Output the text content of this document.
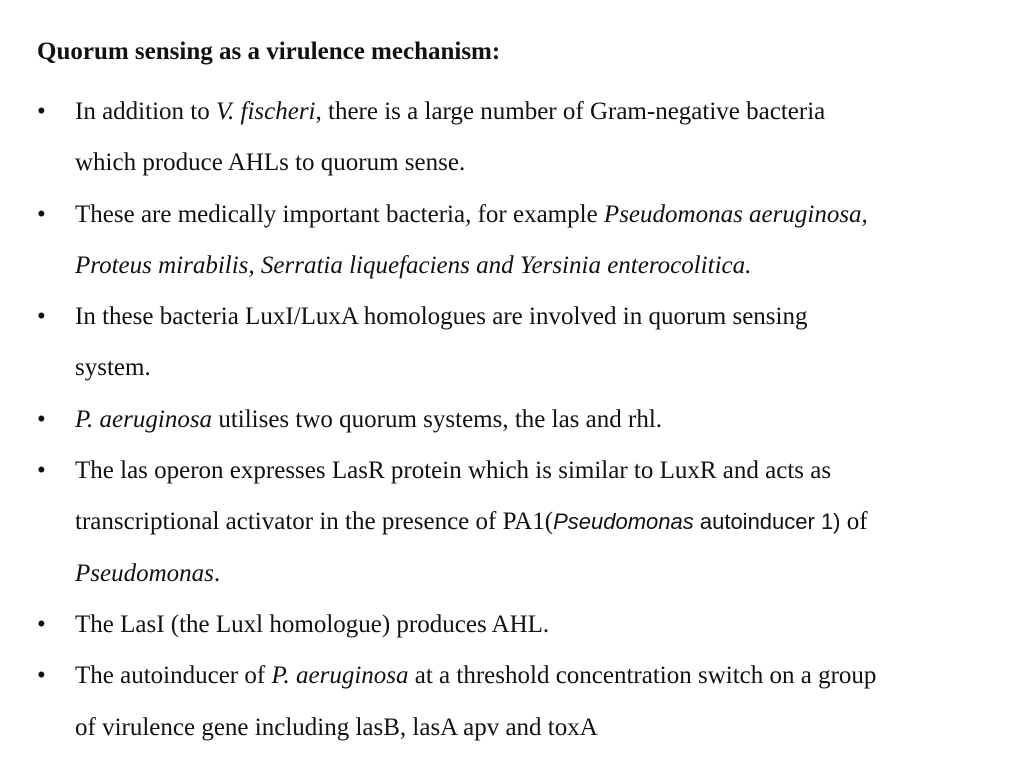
Quorum sensing as a virulence mechanism:
•	In addition to V. fischeri, there is a large number of Gram-negative bacteria
which produce AHLs to quorum sense.
•	These are medically important bacteria, for example Pseudomonas aeruginosa,
Proteus mirabilis, Serratia liquefaciens and Yersinia enterocolitica.
•	In these bacteria LuxI/LuxA homologues are involved in quorum sensing
system.
•	P. aeruginosa utilises two quorum systems, the las and rhl.
•	The las operon expresses LasR protein which is similar to LuxR and acts as
transcriptional activator in the presence of PA1(Pseudomonas autoinducer 1) of
Pseudomonas.
•	The LasI (the Luxl homologue) produces AHL.
•	The autoinducer of P. aeruginosa at a threshold concentration switch on a group
of virulence gene including lasB, lasA apv and toxA
